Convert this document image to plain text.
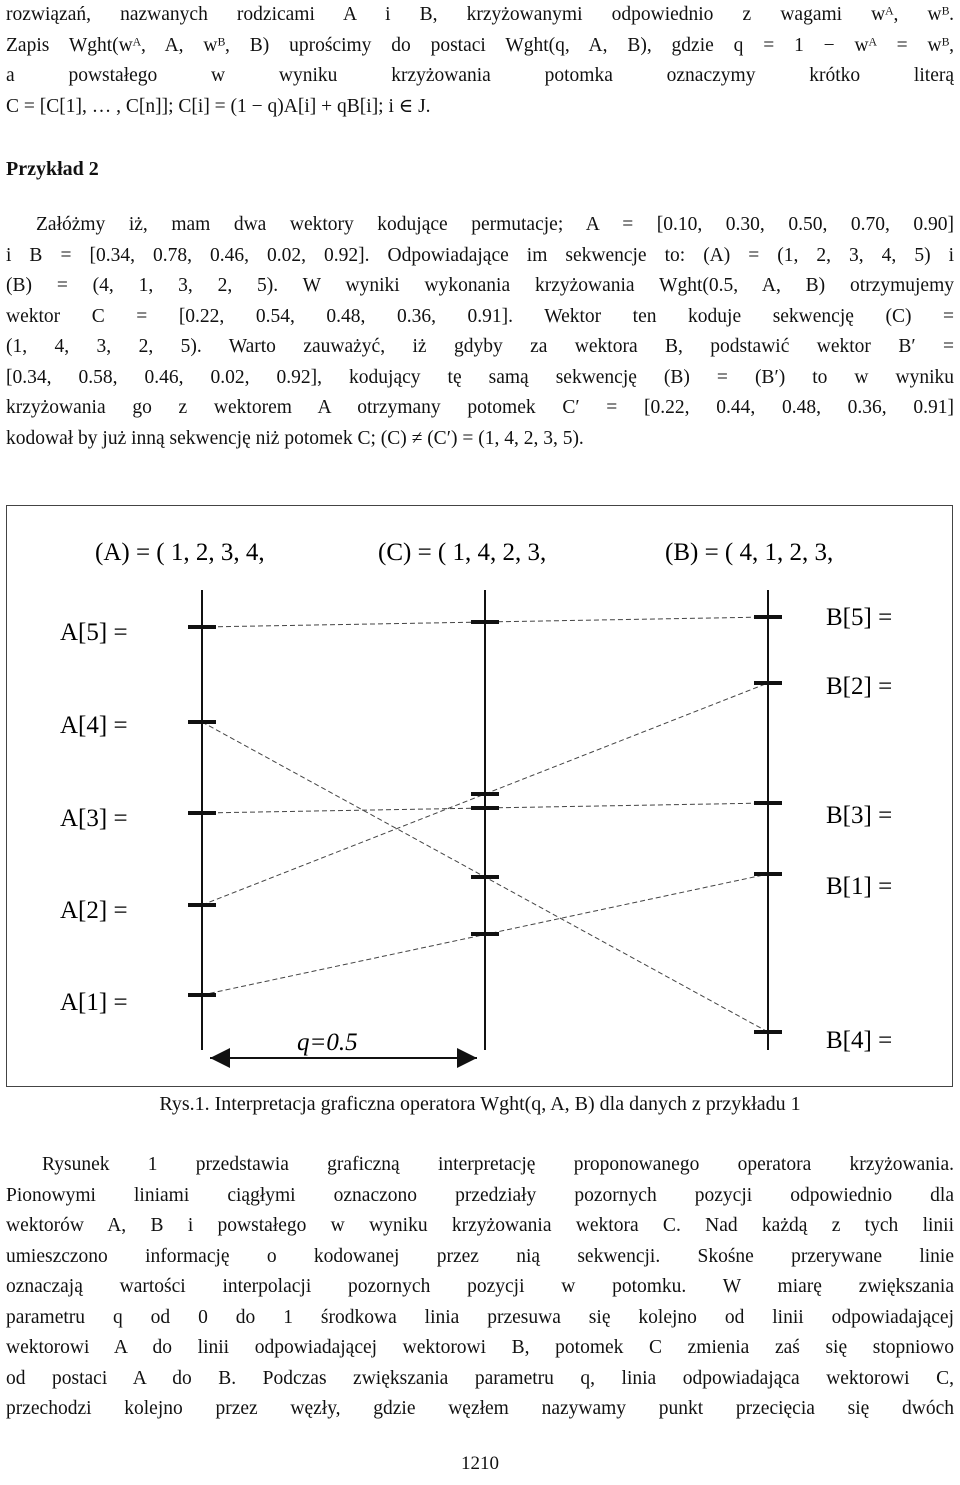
rozwiązań, nazwanych rodzicami A i B, krzyżowanymi odpowiednio z wagami wᴬ, wᴮ.
Zapis Wght(wᴬ, A, wᴮ, B) uprościmy do postaci Wght(q, A, B), gdzie q = 1 − wᴬ = wᴮ,
a powstałego w wyniku krzyżowania potomka oznaczymy krótko literą
C = [C[1], … , C[n]]; C[i] = (1 − q)A[i] + qB[i]; i ∈ J.
Przykład 2
Załóżmy iż, mam dwa wektory kodujące permutacje; A = [0.10, 0.30, 0.50, 0.70, 0.90]
i B = [0.34, 0.78, 0.46, 0.02, 0.92]. Odpowiadające im sekwencje to: (A) = (1, 2, 3, 4, 5) i
(B) = (4, 1, 3, 2, 5). W wyniki wykonania krzyżowania Wght(0.5, A, B) otrzymujemy
wektor C = [0.22, 0.54, 0.48, 0.36, 0.91]. Wektor ten koduje sekwencję (C) =
(1, 4, 3, 2, 5). Warto zauważyć, iż gdyby za wektora B, podstawić wektor B′ =
[0.34, 0.58, 0.46, 0.02, 0.92], kodujący tę samą sekwencję (B) = (B′) to w wyniku
krzyżowania go z wektorem A otrzymany potomek C′ = [0.22, 0.44, 0.48, 0.36, 0.91]
kodował by już inną sekwencję niż potomek C; (C) ≠ (C′) = (1, 4, 2, 3, 5).
(A) = ( 1, 2, 3, 4,	(C) = ( 1, 4, 2, 3,	(B) = ( 4, 1, 2, 3,
A[5] =
A[4] =
A[3] =
A[2] =
A[1] =
B[5] =
B[2] =
B[3] =
B[1] =
B[4] =
q=0.5
Rys.1. Interpretacja graficzna operatora Wght(q, A, B) dla danych z przykładu 1
Rysunek 1 przedstawia graficzną interpretację proponowanego operatora krzyżowania.
Pionowymi liniami ciągłymi oznaczono przedziały pozornych pozycji odpowiednio dla
wektorów A, B i powstałego w wyniku krzyżowania wektora C. Nad każdą z tych linii
umieszczono informację o kodowanej przez nią sekwencji. Skośne przerywane linie
oznaczają wartości interpolacji pozornych pozycji w potomku. W miarę zwiększania
parametru q od 0 do 1 środkowa linia przesuwa się kolejno od linii odpowiadającej
wektorowi A do linii odpowiadającej wektorowi B, potomek C zmienia zaś się stopniowo
od postaci A do B. Podczas zwiększania parametru q, linia odpowiadająca wektorowi C,
przechodzi kolejno przez węzły, gdzie węzłem nazywamy punkt przecięcia się dwóch
1210
